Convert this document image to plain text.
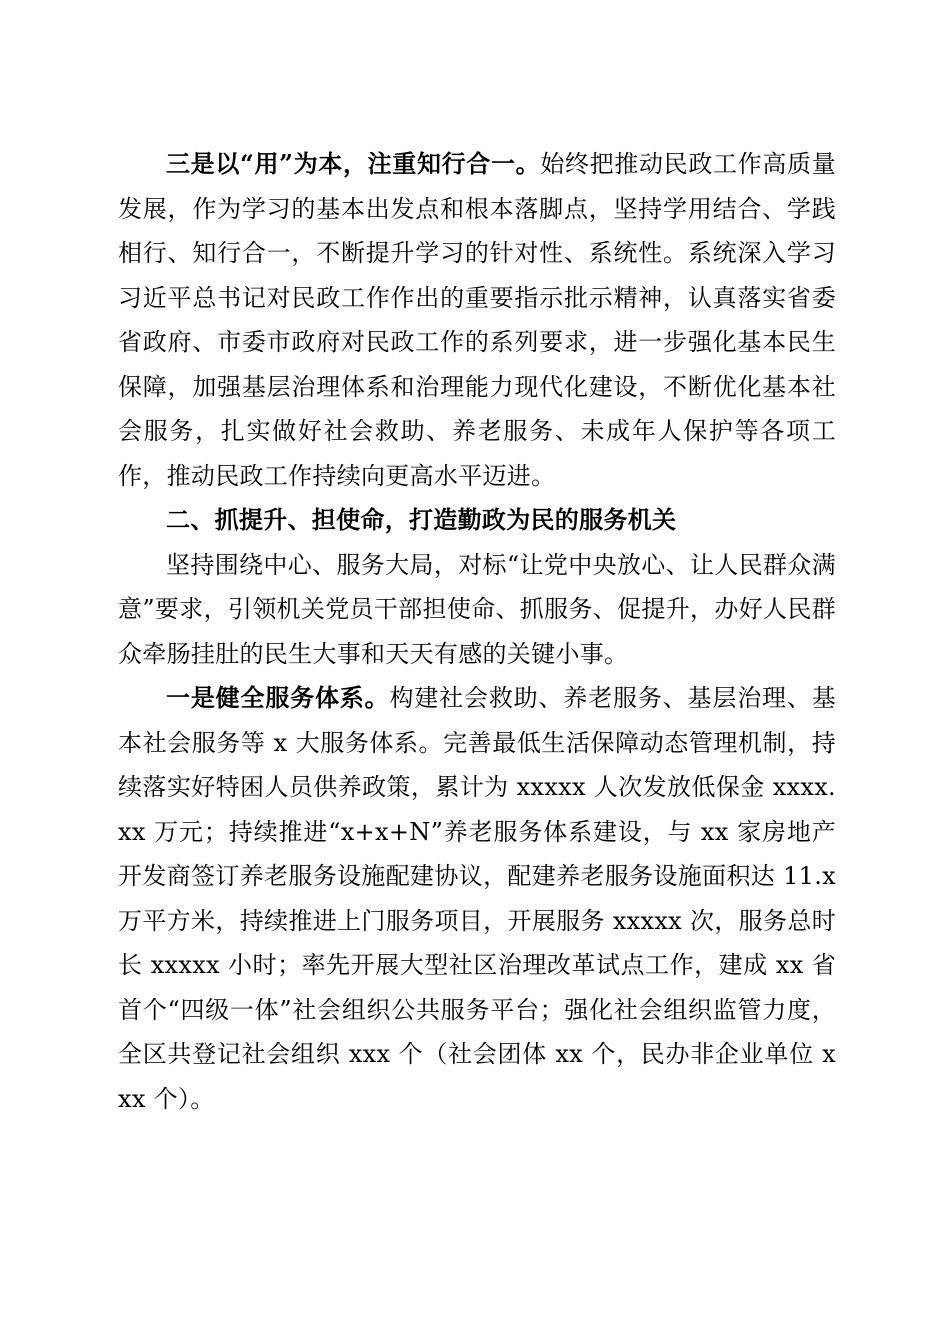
三是以“用”为本，注重知行合一。始终把推动民政工作高质量发展，作为学习的基本出发点和根本落脚点，坚持学用结合、学践相行、知行合一，不断提升学习的针对性、系统性。系统深入学习习近平总书记对民政工作作出的重要指示批示精神，认真落实省委省政府、市委市政府对民政工作的系列要求，进一步强化基本民生保障，加强基层治理体系和治理能力现代化建设，不断优化基本社会服务，扎实做好社会救助、养老服务、未成年人保护等各项工作，推动民政工作持续向更高水平迈进。

二、抓提升、担使命，打造勤政为民的服务机关

坚持围绕中心、服务大局，对标“让党中央放心、让人民群众满意”要求，引领机关党员干部担使命、抓服务、促提升，办好人民群众牵肠挂肚的民生大事和天天有感的关键小事。

一是健全服务体系。构建社会救助、养老服务、基层治理、基本社会服务等 x 大服务体系。完善最低生活保障动态管理机制，持续落实好特困人员供养政策，累计为 xxxxx 人次发放低保金 xxxx.xx 万元；持续推进“x+x+N”养老服务体系建设，与 xx 家房地产开发商签订养老服务设施配建协议，配建养老服务设施面积达 11.x 万平方米，持续推进上门服务项目，开展服务 xxxxx 次，服务总时长 xxxxx 小时；率先开展大型社区治理改革试点工作，建成 xx 省首个“四级一体”社会组织公共服务平台；强化社会组织监管力度，全区共登记社会组织 xxx 个（社会团体 xx 个，民办非企业单位 xxx 个）。
